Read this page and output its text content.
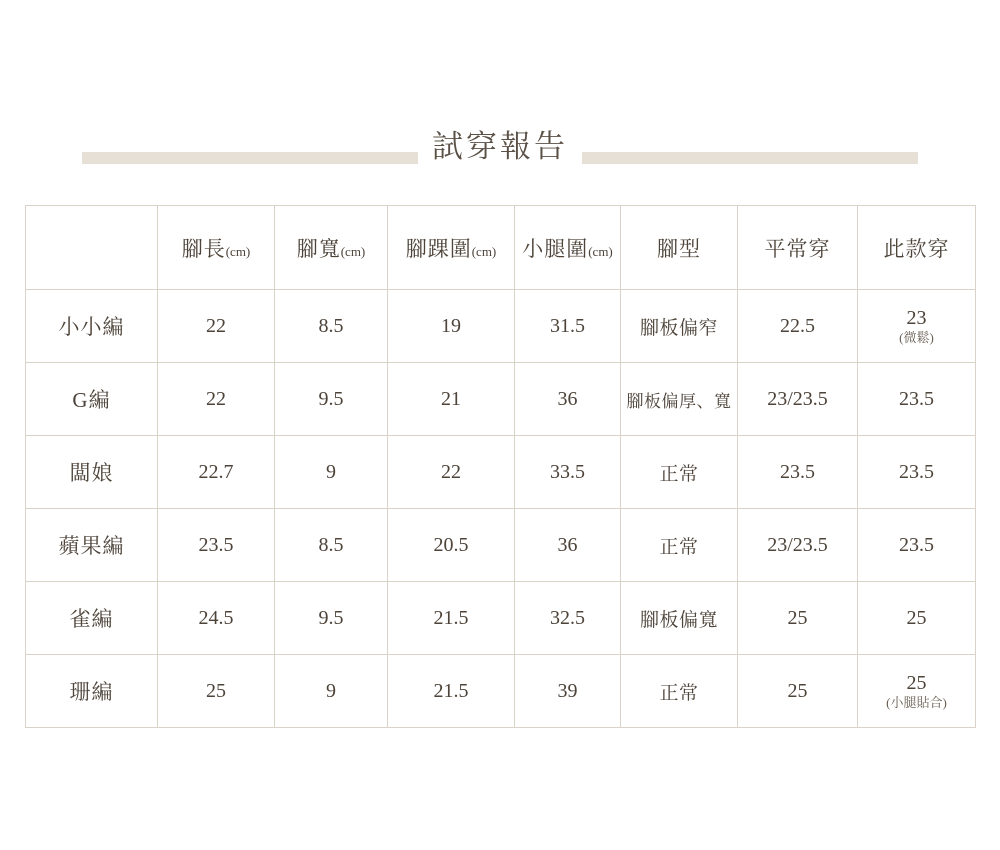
試穿報告
	腳長(cm)	腳寬(cm)	腳踝圍(cm)	小腿圍(cm)	腳型	平常穿	此款穿
小小編	22	8.5	19	31.5	腳板偏窄	22.5	23
(微鬆)

G編	22	9.5	21	36	腳板偏厚、寬	23/23.5	23.5

闆娘	22.7	9	22	33.5	正常	23.5	23.5

蘋果編	23.5	8.5	20.5	36	正常	23/23.5	23.5

雀編	24.5	9.5	21.5	32.5	腳板偏寬	25	25

珊編	25	9	21.5	39	正常	25	25
(小腿貼合)
